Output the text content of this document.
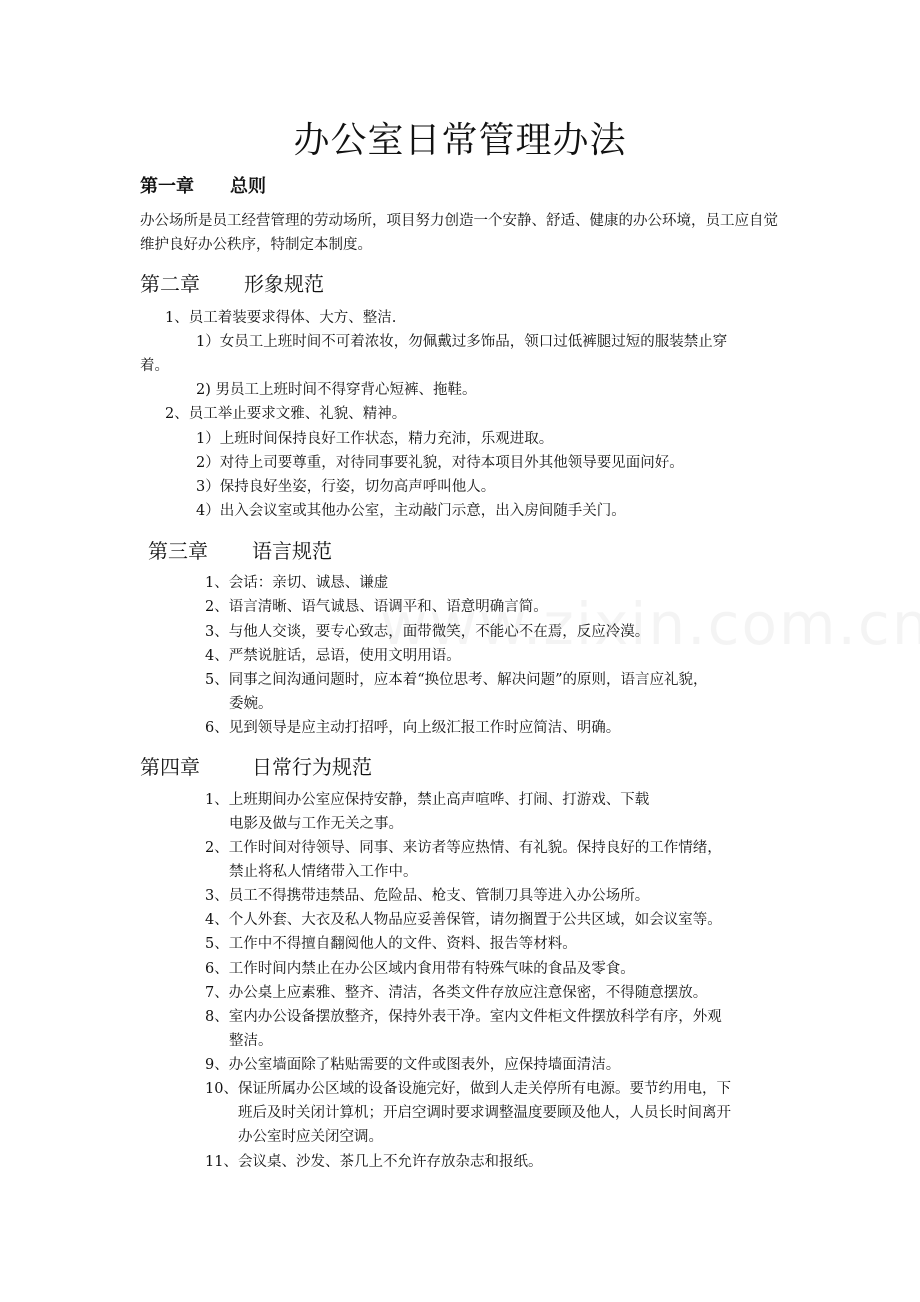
办公室日常管理办法
第一章 总则

办公场所是员工经营管理的劳动场所，项目努力创造一个安静、舒适、健康的办公环境，员工应自觉维护良好办公秩序，特制定本制度。

第二章 形象规范

1、员工着装要求得体、大方、整洁.

1）女员工上班时间不可着浓妆，勿佩戴过多饰品，领口过低裤腿过短的服装禁止穿

着。

2) 男员工上班时间不得穿背心短裤、拖鞋。

2、员工举止要求文雅、礼貌、精神。

1）上班时间保持良好工作状态，精力充沛，乐观进取。

2）对待上司要尊重，对待同事要礼貌，对待本项目外其他领导要见面问好。

3）保持良好坐姿，行姿，切勿高声呼叫他人。

4）出入会议室或其他办公室，主动敲门示意，出入房间随手关门。

第三章 语言规范

1、会话：亲切、诚恳、谦虚

2、语言清晰、语气诚恳、语调平和、语意明确言简。

3、与他人交谈，要专心致志，面带微笑，不能心不在焉，反应冷漠。

4、严禁说脏话，忌语，使用文明用语。

5、同事之间沟通问题时，应本着“换位思考、解决问题”的原则，语言应礼貌，

委婉。

6、见到领导是应主动打招呼，向上级汇报工作时应简洁、明确。

第四章	日常行为规范

1、上班期间办公室应保持安静，禁止高声喧哗、打闹、打游戏、下载

电影及做与工作无关之事。

2、工作时间对待领导、同事、来访者等应热情、有礼貌。保持良好的工作情绪，

禁止将私人情绪带入工作中。

3、员工不得携带违禁品、危险品、枪支、管制刀具等进入办公场所。

4、个人外套、大衣及私人物品应妥善保管，请勿搁置于公共区域，如会议室等。

5、工作中不得擅自翻阅他人的文件、资料、报告等材料。

6、工作时间内禁止在办公区域内食用带有特殊气味的食品及零食。

7、办公桌上应素雅、整齐、清洁，各类文件存放应注意保密，不得随意摆放。

8、室内办公设备摆放整齐，保持外表干净。室内文件柜文件摆放科学有序，外观

整洁。

9、办公室墙面除了粘贴需要的文件或图表外，应保持墙面清洁。

10、保证所属办公区域的设备设施完好，做到人走关停所有电源。要节约用电，下

班后及时关闭计算机；开启空调时要求调整温度要顾及他人，人员长时间离开

办公室时应关闭空调。

11、会议桌、沙发、茶几上不允许存放杂志和报纸。
